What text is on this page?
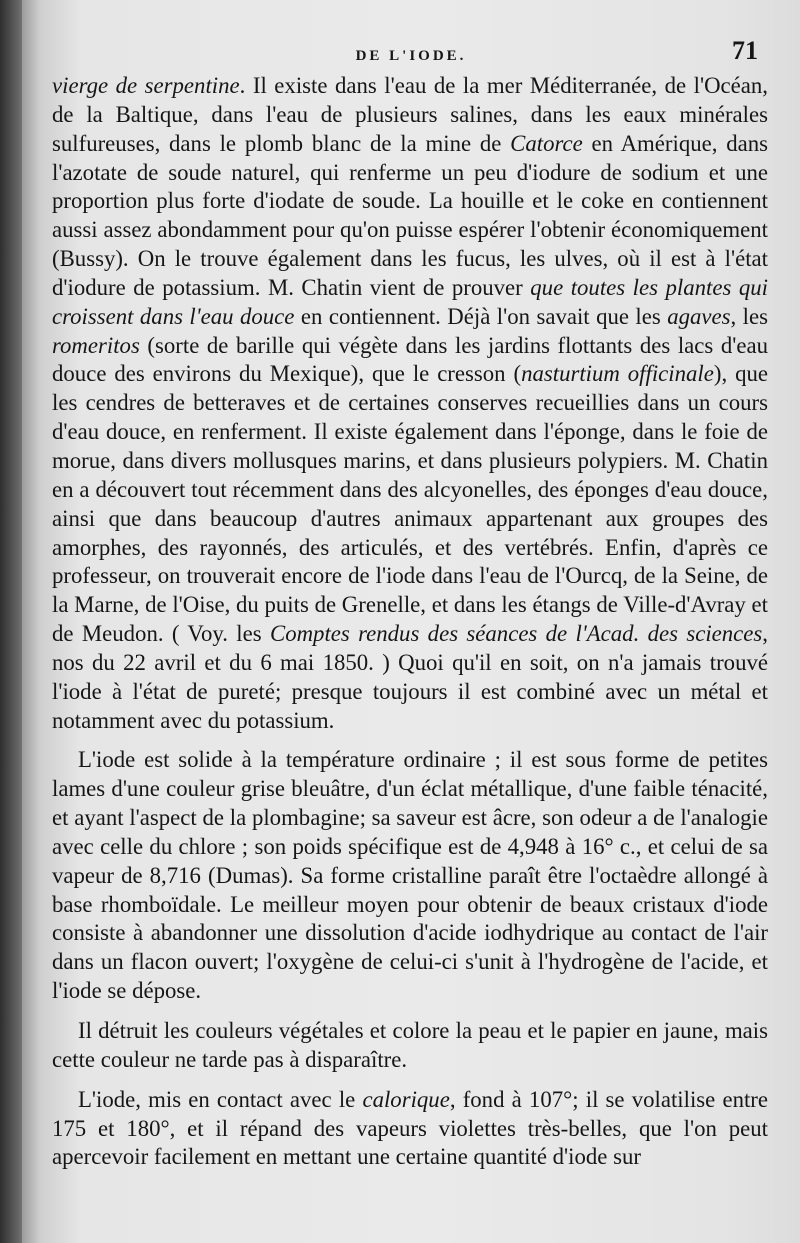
DE L'IODE.	71

vierge de serpentine. Il existe dans l'eau de la mer Méditerranée, de l'Océan, de la Baltique, dans l'eau de plusieurs salines, dans les eaux minérales sulfureuses, dans le plomb blanc de la mine de Catorce en Amérique, dans l'azotate de soude naturel, qui renferme un peu d'iodure de sodium et une proportion plus forte d'iodate de soude. La houille et le coke en contiennent aussi assez abondamment pour qu'on puisse espérer l'obtenir économiquement (Bussy). On le trouve également dans les fucus, les ulves, où il est à l'état d'iodure de potassium. M. Chatin vient de prouver que toutes les plantes qui croissent dans l'eau douce en contiennent. Déjà l'on savait que les agaves, les romeritos (sorte de barille qui végète dans les jardins flottants des lacs d'eau douce des environs du Mexique), que le cresson (nasturtium officinale), que les cendres de betteraves et de certaines conserves recueillies dans un cours d'eau douce, en renferment. Il existe également dans l'éponge, dans le foie de morue, dans divers mollusques marins, et dans plusieurs polypiers. M. Chatin en a découvert tout récemment dans des alcyonelles, des éponges d'eau douce, ainsi que dans beaucoup d'autres animaux appartenant aux groupes des amorphes, des rayonnés, des articulés, et des vertébrés. Enfin, d'après ce professeur, on trouverait encore de l'iode dans l'eau de l'Ourcq, de la Seine, de la Marne, de l'Oise, du puits de Grenelle, et dans les étangs de Ville-d'Avray et de Meudon. ( Voy. les Comptes rendus des séances de l'Acad. des sciences, nos du 22 avril et du 6 mai 1850. ) Quoi qu'il en soit, on n'a jamais trouvé l'iode à l'état de pureté; presque toujours il est combiné avec un métal et notamment avec du potassium.

L'iode est solide à la température ordinaire ; il est sous forme de petites lames d'une couleur grise bleuâtre, d'un éclat métallique, d'une faible ténacité, et ayant l'aspect de la plombagine; sa saveur est âcre, son odeur a de l'analogie avec celle du chlore ; son poids spécifique est de 4,948 à 16° c., et celui de sa vapeur de 8,716 (Dumas). Sa forme cristalline paraît être l'octaèdre allongé à base rhomboïdale. Le meilleur moyen pour obtenir de beaux cristaux d'iode consiste à abandonner une dissolution d'acide iodhydrique au contact de l'air dans un flacon ouvert; l'oxygène de celui-ci s'unit à l'hydrogène de l'acide, et l'iode se dépose.

Il détruit les couleurs végétales et colore la peau et le papier en jaune, mais cette couleur ne tarde pas à disparaître.

L'iode, mis en contact avec le calorique, fond à 107°; il se volatilise entre 175 et 180°, et il répand des vapeurs violettes très-belles, que l'on peut apercevoir facilement en mettant une certaine quantité d'iode sur
